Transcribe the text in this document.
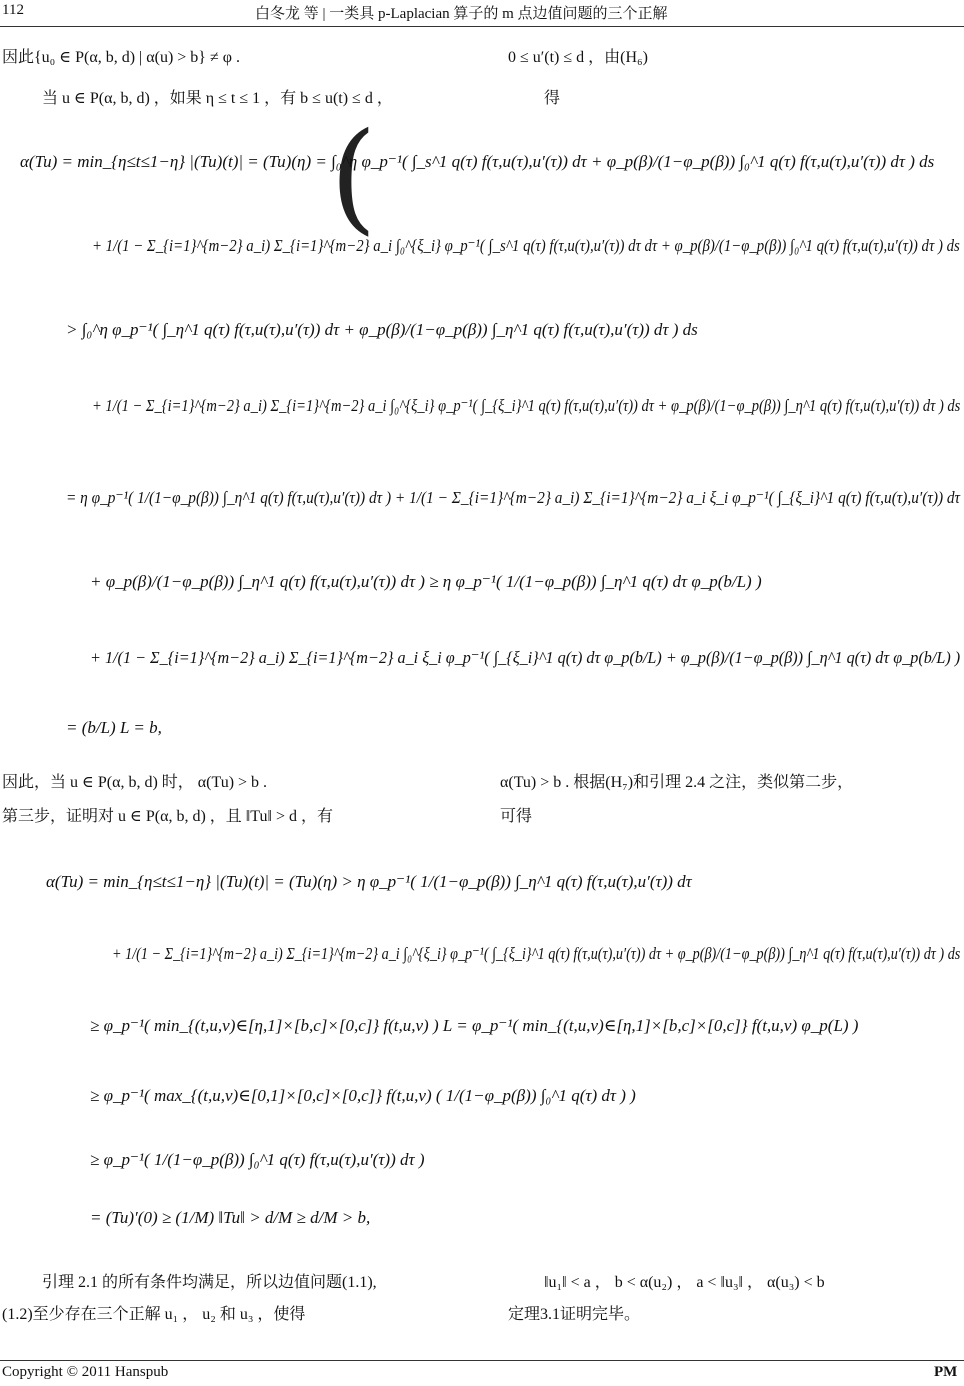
112	白冬龙 等 | 一类具 p-Laplacian 算子的 m 点边值问题的三个正解
因此{u₀ ∈ P(α, b, d) | α(u) > b} ≠ φ .	0 ≤ u′(t) ≤ d ，由(H₆)
当 u ∈ P(α, b, d) ，如果 η ≤ t ≤ 1 ，有 b ≤ u(t) ≤ d ，	得
(
α(Tu) = min_{η≤t≤1−η} |(Tu)(t)| = (Tu)(η) = ∫₀^η φ_p⁻¹( ∫_s^1 q(τ) f(τ,u(τ),u′(τ)) dτ + φ_p(β)/(1−φ_p(β)) ∫₀^1 q(τ) f(τ,u(τ),u′(τ)) dτ ) ds
+ 1/(1 − Σ_{i=1}^{m−2} a_i) Σ_{i=1}^{m−2} a_i ∫₀^{ξ_i} φ_p⁻¹( ∫_s^1 q(τ) f(τ,u(τ),u′(τ)) dτ dτ + φ_p(β)/(1−φ_p(β)) ∫₀^1 q(τ) f(τ,u(τ),u′(τ)) dτ ) ds
> ∫₀^η φ_p⁻¹( ∫_η^1 q(τ) f(τ,u(τ),u′(τ)) dτ + φ_p(β)/(1−φ_p(β)) ∫_η^1 q(τ) f(τ,u(τ),u′(τ)) dτ ) ds
+ 1/(1 − Σ_{i=1}^{m−2} a_i) Σ_{i=1}^{m−2} a_i ∫₀^{ξ_i} φ_p⁻¹( ∫_{ξ_i}^1 q(τ) f(τ,u(τ),u′(τ)) dτ + φ_p(β)/(1−φ_p(β)) ∫_η^1 q(τ) f(τ,u(τ),u′(τ)) dτ ) ds
= η φ_p⁻¹( 1/(1−φ_p(β)) ∫_η^1 q(τ) f(τ,u(τ),u′(τ)) dτ ) + 1/(1 − Σ_{i=1}^{m−2} a_i) Σ_{i=1}^{m−2} a_i ξ_i φ_p⁻¹( ∫_{ξ_i}^1 q(τ) f(τ,u(τ),u′(τ)) dτ
+ φ_p(β)/(1−φ_p(β)) ∫_η^1 q(τ) f(τ,u(τ),u′(τ)) dτ ) ≥ η φ_p⁻¹( 1/(1−φ_p(β)) ∫_η^1 q(τ) dτ φ_p(b/L) )
+ 1/(1 − Σ_{i=1}^{m−2} a_i) Σ_{i=1}^{m−2} a_i ξ_i φ_p⁻¹( ∫_{ξ_i}^1 q(τ) dτ φ_p(b/L) + φ_p(β)/(1−φ_p(β)) ∫_η^1 q(τ) dτ φ_p(b/L) )
= (b/L) L = b,
因此，当 u ∈ P(α, b, d) 时， α(Tu) > b .	α(Tu) > b . 根据(H₇)和引理 2.4 之注，类似第二步，
第三步，证明对 u ∈ P(α, b, d) ，且 ‖Tu‖ > d ，有	可得
α(Tu) = min_{η≤t≤1−η} |(Tu)(t)| = (Tu)(η) > η φ_p⁻¹( 1/(1−φ_p(β)) ∫_η^1 q(τ) f(τ,u(τ),u′(τ)) dτ
+ 1/(1 − Σ_{i=1}^{m−2} a_i) Σ_{i=1}^{m−2} a_i ∫₀^{ξ_i} φ_p⁻¹( ∫_{ξ_i}^1 q(τ) f(τ,u(τ),u′(τ)) dτ + φ_p(β)/(1−φ_p(β)) ∫_η^1 q(τ) f(τ,u(τ),u′(τ)) dτ ) ds
≥ φ_p⁻¹( min_{(t,u,v)∈[η,1]×[b,c]×[0,c]} f(t,u,v) ) L = φ_p⁻¹( min_{(t,u,v)∈[η,1]×[b,c]×[0,c]} f(t,u,v) φ_p(L) )
≥ φ_p⁻¹( max_{(t,u,v)∈[0,1]×[0,c]×[0,c]} f(t,u,v) ( 1/(1−φ_p(β)) ∫₀^1 q(τ) dτ ) )
≥ φ_p⁻¹( 1/(1−φ_p(β)) ∫₀^1 q(τ) f(τ,u(τ),u′(τ)) dτ )
= (Tu)′(0) ≥ (1/M) ‖Tu‖ > d/M ≥ d/M > b,
引理 2.1 的所有条件均满足，所以边值问题(1.1),	‖u₁‖ < a ， b < α(u₂) ， a < ‖u₃‖ ， α(u₃) < b
(1.2)至少存在三个正解 u₁ ， u₂ 和 u₃ ，使得	定理3.1证明完毕。
Copyright © 2011 Hanspub	PM
